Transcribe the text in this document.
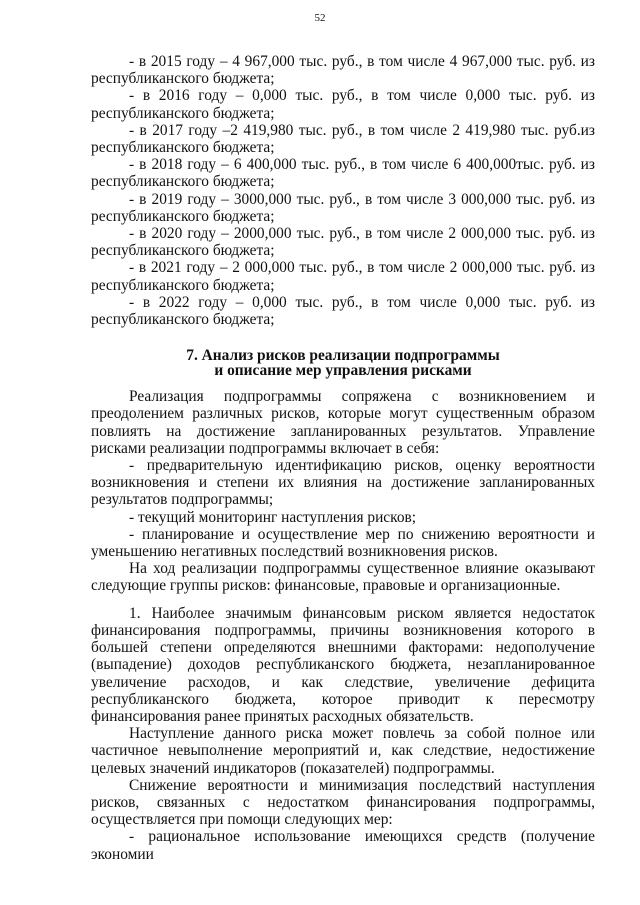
52

- в 2015 году – 4 967,000 тыс. руб., в том числе 4 967,000 тыс. руб. из республиканского бюджета;

- в 2016 году – 0,000 тыс. руб., в том числе 0,000 тыс. руб. из республиканского бюджета;

- в 2017 году –2 419,980 тыс. руб., в том числе 2 419,980 тыс. руб.из республиканского бюджета;

- в 2018 году – 6 400,000 тыс. руб., в том числе 6 400,000тыс. руб. из республиканского бюджета;

- в 2019 году – 3000,000 тыс. руб., в том числе 3 000,000 тыс. руб. из республиканского бюджета;

- в 2020 году – 2000,000 тыс. руб., в том числе 2 000,000 тыс. руб. из республиканского бюджета;

- в 2021 году – 2 000,000 тыс. руб., в том числе 2 000,000 тыс. руб. из республиканского бюджета;

- в 2022 году – 0,000 тыс. руб., в том числе 0,000 тыс. руб. из республиканского бюджета;

7. Анализ рисков реализации подпрограммы
и описание мер управления рисками

Реализация подпрограммы сопряжена с возникновением и преодолением различных рисков, которые могут существенным образом повлиять на достижение запланированных результатов. Управление рисками реализации подпрограммы включает в себя:

- предварительную идентификацию рисков, оценку вероятности возникновения и степени их влияния на достижение запланированных результатов подпрограммы;

- текущий мониторинг наступления рисков;

- планирование и осуществление мер по снижению вероятности и уменьшению негативных последствий возникновения рисков.

На ход реализации подпрограммы существенное влияние оказывают следующие группы рисков: финансовые, правовые и организационные.

1. Наиболее значимым финансовым риском является недостаток финансирования подпрограммы, причины возникновения которого в большей степени определяются внешними факторами: недополучение (выпадение) доходов республиканского бюджета, незапланированное увеличение расходов, и как следствие, увеличение дефицита республиканского бюджета, которое приводит к пересмотру финансирования ранее принятых расходных обязательств.

Наступление данного риска может повлечь за собой полное или частичное невыполнение мероприятий и, как следствие, недостижение целевых значений индикаторов (показателей) подпрограммы.

Снижение вероятности и минимизация последствий наступления рисков, связанных с недостатком финансирования подпрограммы, осуществляется при помощи следующих мер:

- рациональное использование имеющихся средств (получение экономии
